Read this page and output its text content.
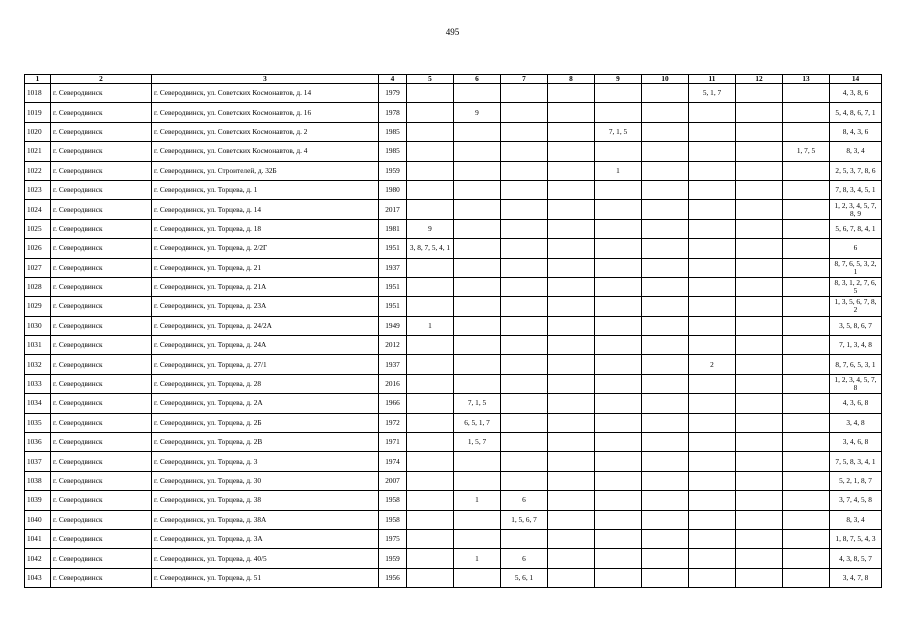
495
1	2	3	4	5	6	7	8	9	10	11	12	13	14
1018	г. Северодвинск	г. Северодвинск, ул. Советских Космонавтов, д. 14	1979							5, 1, 7			4, 3, 8, 6
1019	г. Северодвинск	г. Северодвинск, ул. Советских Космонавтов, д. 16	1978		9								5, 4, 8, 6, 7, 1
1020	г. Северодвинск	г. Северодвинск, ул. Советских Космонавтов, д. 2	1985					7, 1, 5					8, 4, 3, 6
1021	г. Северодвинск	г. Северодвинск, ул. Советских Космонавтов, д. 4	1985									1, 7, 5	8, 3, 4
1022	г. Северодвинск	г. Северодвинск, ул. Строителей, д. 32Б	1959					1					2, 5, 3, 7, 8, 6
1023	г. Северодвинск	г. Северодвинск, ул. Торцева, д. 1	1980										7, 8, 3, 4, 5, 1
1024	г. Северодвинск	г. Северодвинск, ул. Торцева, д. 14	2017										1, 2, 3, 4, 5, 7, 8, 9
1025	г. Северодвинск	г. Северодвинск, ул. Торцева, д. 18	1981	9									5, 6, 7, 8, 4, 1
1026	г. Северодвинск	г. Северодвинск, ул. Торцева, д. 2/2Г	1951	3, 8, 7, 5, 4, 1									6
1027	г. Северодвинск	г. Северодвинск, ул. Торцева, д. 21	1937										8, 7, 6, 5, 3, 2, 1
1028	г. Северодвинск	г. Северодвинск, ул. Торцева, д. 21А	1951										8, 3, 1, 2, 7, 6, 5
1029	г. Северодвинск	г. Северодвинск, ул. Торцева, д. 23А	1951										1, 3, 5, 6, 7, 8, 2
1030	г. Северодвинск	г. Северодвинск, ул. Торцева, д. 24/2А	1949	1									3, 5, 8, 6, 7
1031	г. Северодвинск	г. Северодвинск, ул. Торцева, д. 24А	2012										7, 1, 3, 4, 8
1032	г. Северодвинск	г. Северодвинск, ул. Торцева, д. 27/1	1937							2			8, 7, 6, 5, 3, 1
1033	г. Северодвинск	г. Северодвинск, ул. Торцева, д. 28	2016										1, 2, 3, 4, 5, 7, 8
1034	г. Северодвинск	г. Северодвинск, ул. Торцева, д. 2А	1966		7, 1, 5								4, 3, 6, 8
1035	г. Северодвинск	г. Северодвинск, ул. Торцева, д. 2Б	1972		6, 5, 1, 7								3, 4, 8
1036	г. Северодвинск	г. Северодвинск, ул. Торцева, д. 2В	1971		1, 5, 7								3, 4, 6, 8
1037	г. Северодвинск	г. Северодвинск, ул. Торцева, д. 3	1974										7, 5, 8, 3, 4, 1
1038	г. Северодвинск	г. Северодвинск, ул. Торцева, д. 30	2007										5, 2, 1, 8, 7
1039	г. Северодвинск	г. Северодвинск, ул. Торцева, д. 38	1958		1	6							3, 7, 4, 5, 8
1040	г. Северодвинск	г. Северодвинск, ул. Торцева, д. 38А	1958			1, 5, 6, 7							8, 3, 4
1041	г. Северодвинск	г. Северодвинск, ул. Торцева, д. 3А	1975										1, 8, 7, 5, 4, 3
1042	г. Северодвинск	г. Северодвинск, ул. Торцева, д. 40/5	1959		1	6							4, 3, 8, 5, 7
1043	г. Северодвинск	г. Северодвинск, ул. Торцева, д. 51	1956			5, 6, 1							3, 4, 7, 8
